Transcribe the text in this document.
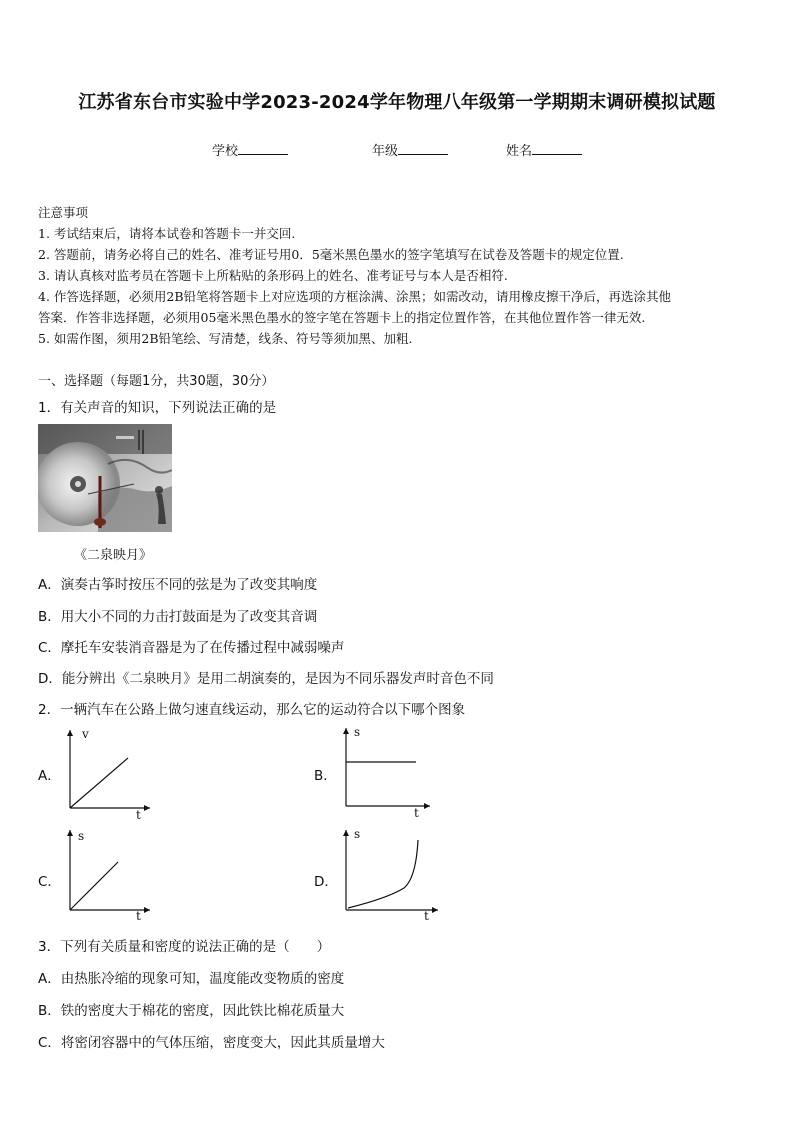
江苏省东台市实验中学2023-2024学年物理八年级第一学期期末调研模拟试题
学校	年级	姓名
注意事项
1. 考试结束后，请将本试卷和答题卡一并交回.
2. 答题前，请务必将自己的姓名、准考证号用0．5毫米黑色墨水的签字笔填写在试卷及答题卡的规定位置.
3. 请认真核对监考员在答题卡上所粘贴的条形码上的姓名、准考证号与本人是否相符.
4. 作答选择题，必须用2B铅笔将答题卡上对应选项的方框涂满、涂黑；如需改动，请用橡皮擦干净后，再选涂其他
答案．作答非选择题，必须用05毫米黑色墨水的签字笔在答题卡上的指定位置作答，在其他位置作答一律无效.
5. 如需作图，须用2B铅笔绘、写清楚，线条、符号等须加黑、加粗.
一、选择题（每题1分，共30题，30分）
1．有关声音的知识，下列说法正确的是
《二泉映月》
A．演奏古筝时按压不同的弦是为了改变其响度
B．用大小不同的力击打鼓面是为了改变其音调
C．摩托车安装消音器是为了在传播过程中减弱噪声
D．能分辨出《二泉映月》是用二胡演奏的，是因为不同乐器发声时音色不同
2．一辆汽车在公路上做匀速直线运动，那么它的运动符合以下哪个图象
A．
v
t
B．
s
t
C．
s
t
D．
s
t
3．下列有关质量和密度的说法正确的是（　　）
A．由热胀冷缩的现象可知，温度能改变物质的密度
B．铁的密度大于棉花的密度，因此铁比棉花质量大
C．将密闭容器中的气体压缩，密度变大，因此其质量增大
